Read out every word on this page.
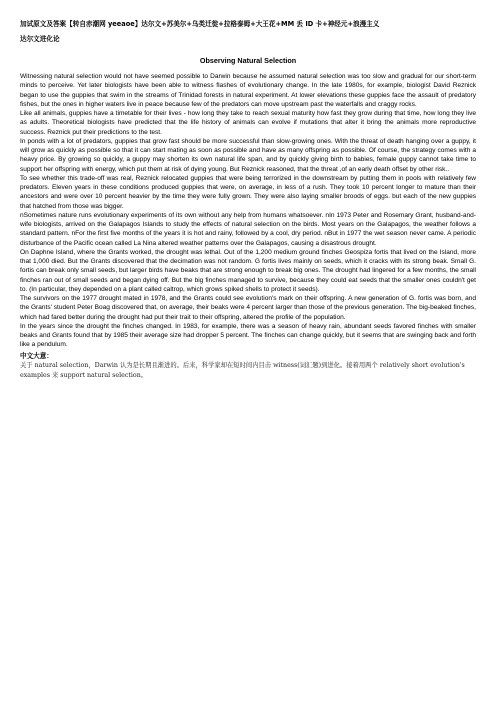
加试原文及答案【转自赤潮网 yeeaoe】达尔文+苏美尔+乌类迁徙+拉格泰姆+大王花+MM 丢 ID 卡+神经元+浪漫主义
达尔文进化论
Observing Natural Selection

Witnessing natural selection would not have seemed possible to Darwin because he assumed natural selection was too slow and gradual for our short-term minds to perceive. Yet later biologists have been able to witness flashes of evolutionary change. In the late 1980s, for example, biologist David Reznick began to use the guppies that swim in the streams of Trinidad forests in natural experiment. At lower elevations these guppies face the assault of predatory fishes, but the ones in higher waters live in peace because few of the predators can move upstream past the waterfalls and craggy rocks.

Like all animals, guppies have a timetable for their lives - how long they take to reach sexual maturity how fast they grow during that time, how long they live as adults. Theoretical biologists have predicted that the life history of animals can evolve if mutations that alter it bring the animals more reproductive success. Reznick put their predictions to the test.

In ponds with a lot of predators, guppies that grow fast should be more successful than slow-growing ones. With the threat of death hanging over a guppy, it will grow as quickly as possible so that it can start mating as soon as possible and have as many offspring as possible. Of course, the strategy comes with a heavy price. By growing so quickly, a guppy may shorten its own natural life span, and by quickly giving birth to babies, female guppy cannot take time to support her offspring with energy, which put them at risk of dying young. But Reznick reasoned, that the threat ,of an early death offset by other risk..

To see whether this trade-off was real, Reznick relocated guppies that were being terrorized in the downstream by putting them in pools with relatively few predators. Eleven years in these conditions produced guppies that were, on average, in less of a rush. They took 10 percent longer to mature than their ancestors and were over 10 percent heavier by the time they were fully grown. They were also laying smaller broods of eggs. but each of the new guppies that hatched from those was bigger.

nSometimes nature runs evolutionary experiments of its own without any help from humans whatsoever. nIn 1973 Peter and Rosemary Grant, husband-and-wife biologists, arrived on the Galapagos Islands to study the effects of natural selection on the birds. Most years on the Galapagos, the weather follows a standard pattern. nFor the first five months of the years it is hot and rainy, followed by a cool, dry period. nBut in 1977 the wet season never came. A periodic disturbance of the Pacific ocean called La Nina altered weather patterns over the Galapagos, causing a disastrous drought.

On Daphne Island, where the Grants worked, the drought was lethal. Out of the 1,200 medium ground finches Geospiza fortis that lived on the Island, more that 1,000 died. But the Grants discovered that the decimation was not random. G fortis lives mainly on seeds, which it cracks with its strong beak. Small G. fortis can break only small seeds, but larger birds have beaks that are strong enough to break big ones. The drought had lingered for a few months, the small finches ran out of small seeds and began dying off. But the big finches managed to survive, because they could eat seeds that the smaller ones couldn't get to. (In particular, they depended on a plant called caltrop, which grows spiked shells to protect it seeds).

The survivors on the 1977 drought mated in 1978, and the Grants could see evolution's mark on their offspring. A new generation of G. fortis was born, and the Grants' student Peter Boag discovered that, on average, their beaks were 4 percent larger than those of the previous generation. The big-beaked finches, which had fared better during the drought had put their trait to their offspring, altered the profile of the population.

In the years since the drought the finches changed. In 1983, for example, there was a season of heavy rain, abundant seeds favored finches with smaller beaks and Grants found that by 1985 their average size had dropper 5 percent. The finches can change quickly, but it seems that are swinging back and forth like a pendulum.

中文大意：

关于 natural selection，Darwin 认为是长期且渐进的。后来，科学家却在短时间内目击 witness(词汇题)到进化。接着用两个 relatively short evolution's examples 来 support natural selection。
